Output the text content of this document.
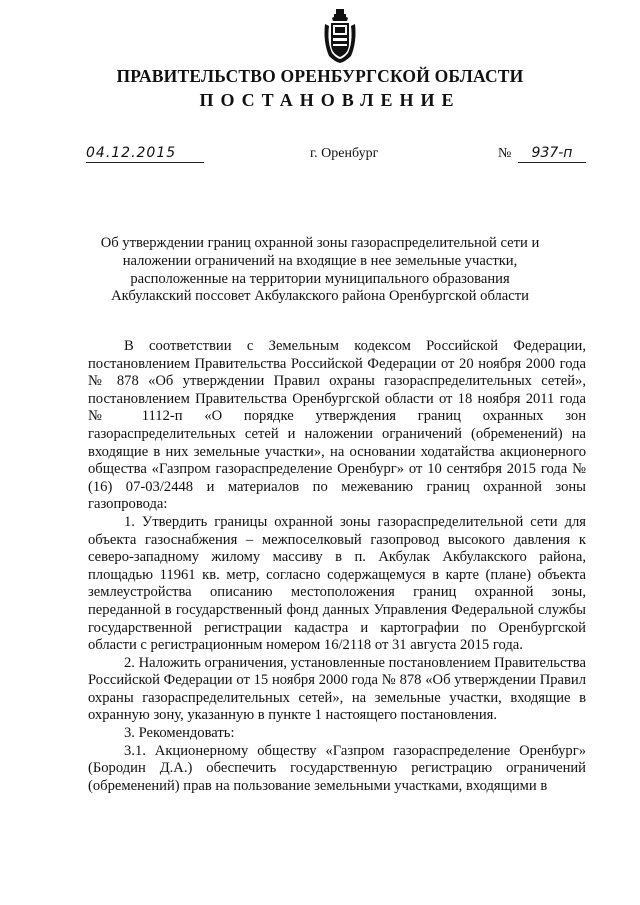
ПРАВИТЕЛЬСТВО ОРЕНБУРГСКОЙ ОБЛАСТИ
ПОСТАНОВЛЕНИЕ
04.12.2015	г. Оренбург	№	937-п
Об утверждении границ охранной зоны газораспределительной сети и
наложении ограничений на входящие в нее земельные участки,
расположенные на территории муниципального образования
Акбулакский поссовет Акбулакского района Оренбургской области

В соответствии с Земельным кодексом Российской Федерации, постановлением Правительства Российской Федерации от 20 ноября 2000 года № 878 «Об утверждении Правил охраны газораспределительных сетей», постановлением Правительства Оренбургской области от 18 ноября 2011 года № 1112-п «О порядке утверждения границ охранных зон газораспределительных сетей и наложении ограничений (обременений) на входящие в них земельные участки», на основании ходатайства акционерного общества «Газпром газораспределение Оренбург» от 10 сентября 2015 года № (16) 07-03/2448 и материалов по межеванию границ охранной зоны газопровода:

1. Утвердить границы охранной зоны газораспределительной сети для объекта газоснабжения – межпоселковый газопровод высокого давления к северо-западному жилому массиву в п. Акбулак Акбулакского района, площадью 11961 кв. метр, согласно содержащемуся в карте (плане) объекта землеустройства описанию местоположения границ охранной зоны, переданной в государственный фонд данных Управления Федеральной службы государственной регистрации кадастра и картографии по Оренбургской области с регистрационным номером 16/2118 от 31 августа 2015 года.

2. Наложить ограничения, установленные постановлением Правительства Российской Федерации от 15 ноября 2000 года № 878 «Об утверждении Правил охраны газораспределительных сетей», на земельные участки, входящие в охранную зону, указанную в пункте 1 настоящего постановления.

3. Рекомендовать:

3.1. Акционерному обществу «Газпром газораспределение Оренбург» (Бородин Д.А.) обеспечить государственную регистрацию ограничений (обременений) прав на пользование земельными участками, входящими в
